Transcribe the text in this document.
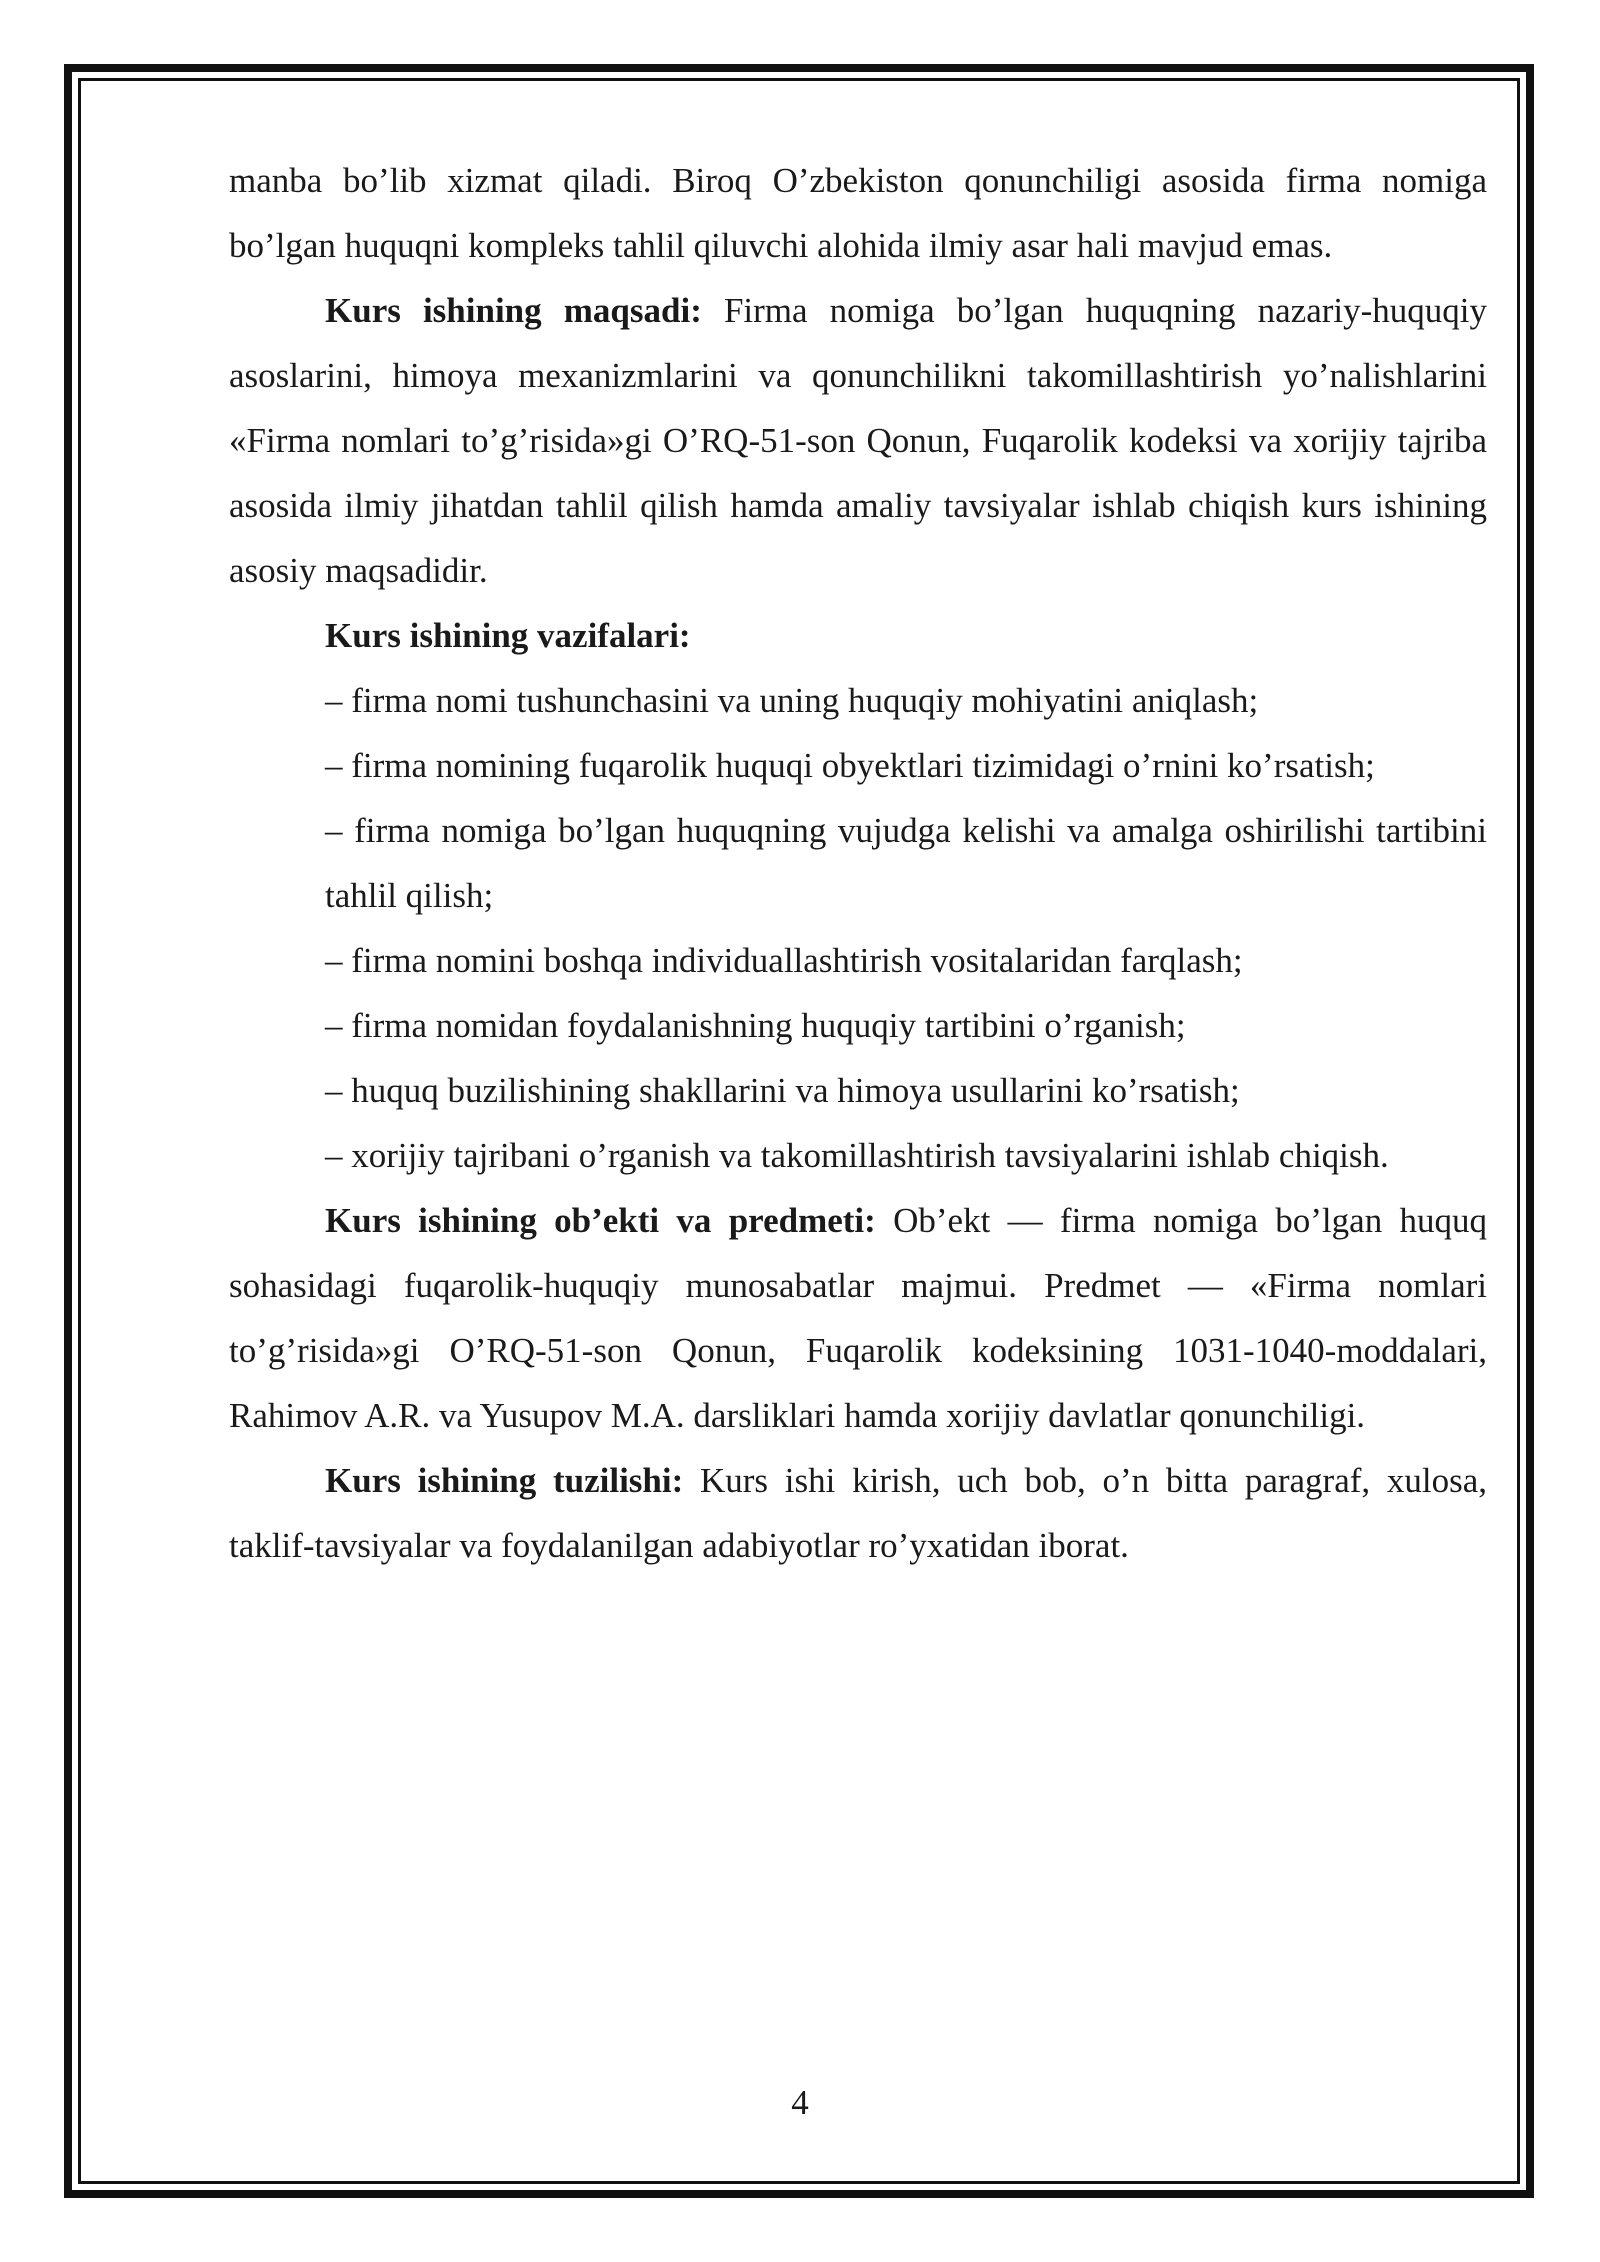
manba bo’lib xizmat qiladi. Biroq O’zbekiston qonunchiligi asosida firma nomiga bo’lgan huquqni kompleks tahlil qiluvchi alohida ilmiy asar hali mavjud emas.

Kurs ishining maqsadi: Firma nomiga bo’lgan huquqning nazariy-huquqiy asoslarini, himoya mexanizmlarini va qonunchilikni takomillashtirish yo’nalishlarini «Firma nomlari to’g’risida»gi O’RQ-51-son Qonun, Fuqarolik kodeksi va xorijiy tajriba asosida ilmiy jihatdan tahlil qilish hamda amaliy tavsiyalar ishlab chiqish kurs ishining asosiy maqsadidir.

Kurs ishining vazifalari:

– firma nomi tushunchasini va uning huquqiy mohiyatini aniqlash;
– firma nomining fuqarolik huquqi obyektlari tizimidagi o’rnini ko’rsatish;
– firma nomiga bo’lgan huquqning vujudga kelishi va amalga oshirilishi tartibini tahlil qilish;
– firma nomini boshqa individuallashtirish vositalaridan farqlash;
– firma nomidan foydalanishning huquqiy tartibini o’rganish;
– huquq buzilishining shakllarini va himoya usullarini ko’rsatish;
– xorijiy tajribani o’rganish va takomillashtirish tavsiyalarini ishlab chiqish.

Kurs ishining ob’ekti va predmeti: Ob’ekt — firma nomiga bo’lgan huquq sohasidagi fuqarolik-huquqiy munosabatlar majmui. Predmet — «Firma nomlari to’g’risida»gi O’RQ-51-son Qonun, Fuqarolik kodeksining 1031-1040-moddalari, Rahimov A.R. va Yusupov M.A. darsliklari hamda xorijiy davlatlar qonunchiligi.

Kurs ishining tuzilishi: Kurs ishi kirish, uch bob, o’n bitta paragraf, xulosa, taklif-tavsiyalar va foydalanilgan adabiyotlar ro’yxatidan iborat.

4
